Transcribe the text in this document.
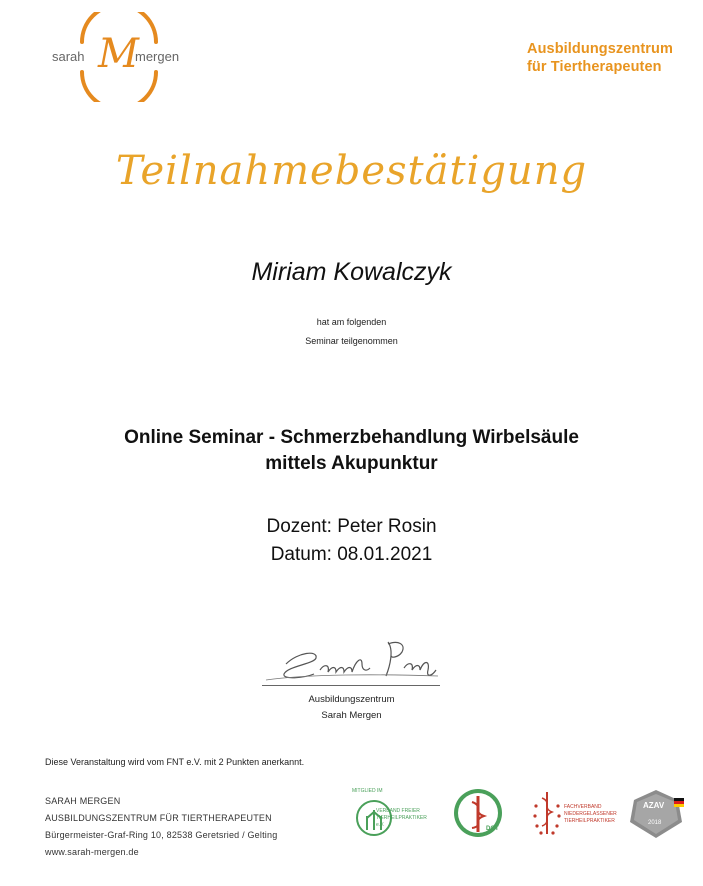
sarah M
mergen	Ausbildungszentrum
für Tiertherapeuten
Teilnahmebestätigung
Miriam Kowalczyk
hat am folgenden
Seminar teilgenommen
Online Seminar - Schmerzbehandlung Wirbelsäule
mittels Akupunktur
Dozent: Peter Rosin
Datum: 08.01.2021
Ausbildungszentrum
Sarah Mergen
Diese Veranstaltung wird vom FNT e.V. mit 2 Punkten anerkannt.
SARAH MERGEN
AUSBILDUNGSZENTRUM FÜR TIERTHERAPEUTEN
Bürgermeister-Graf-Ring 10, 82538 Geretsried / Gelting
www.sarah-mergen.de
MITGLIED IM
VERBAND FREIER TIERHEILPRAKTIKER e.V.
DGT
FACHVERBAND NIEDERGELASSENER TIERHEILPRAKTIKER
AZAV
2018
